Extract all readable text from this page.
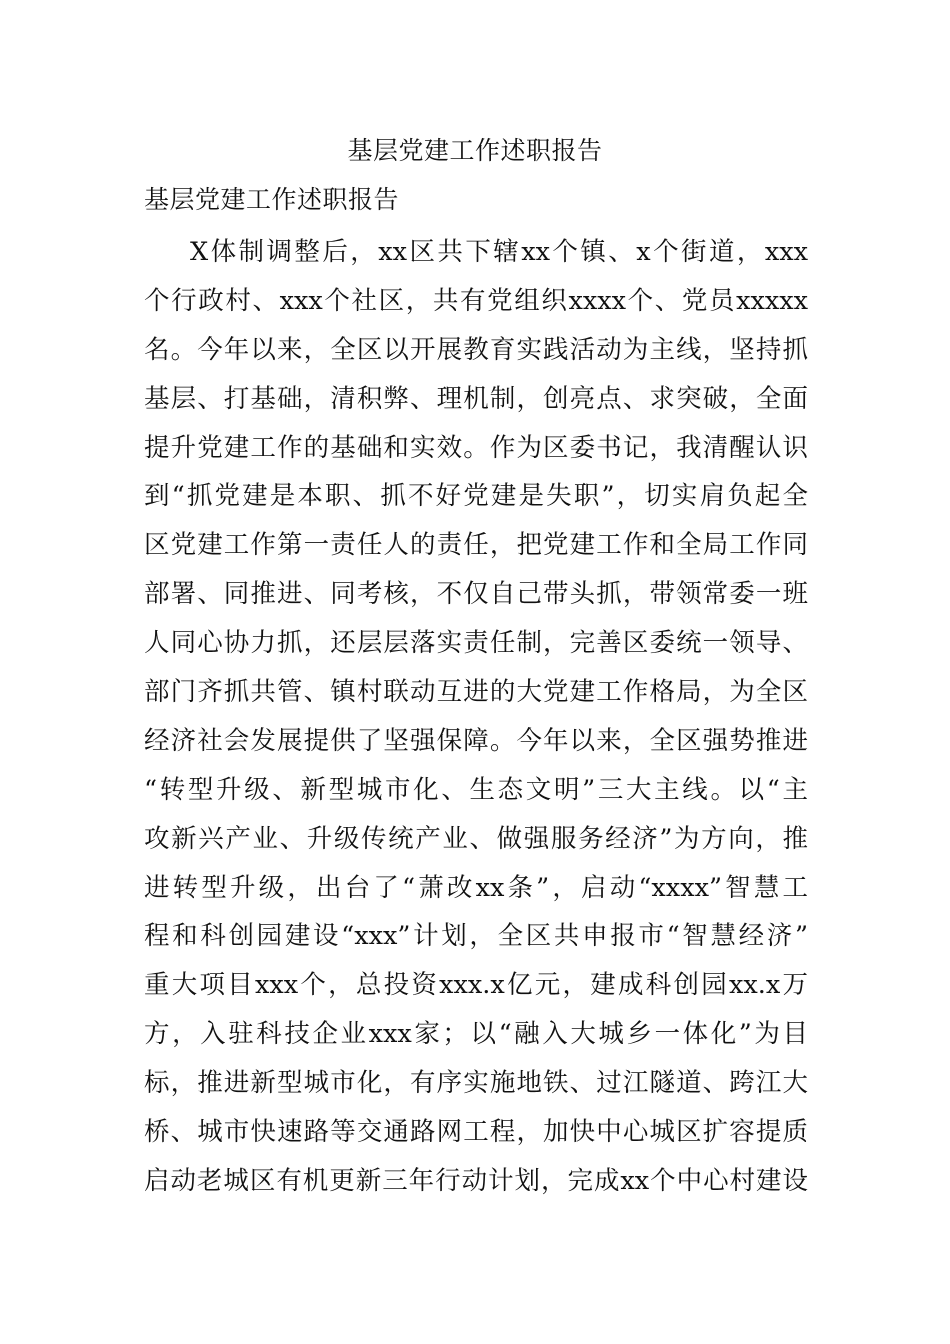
基层党建工作述职报告
基层党建工作述职报告
X体制调整后，xx区共下辖xx个镇、x个街道，xxx
个行政村、xxx个社区，共有党组织xxxx个、党员xxxxx
名。今年以来，全区以开展教育实践活动为主线，坚持抓
基层、打基础，清积弊、理机制，创亮点、求突破，全面
提升党建工作的基础和实效。作为区委书记，我清醒认识
到“抓党建是本职、抓不好党建是失职”，切实肩负起全
区党建工作第一责任人的责任，把党建工作和全局工作同
部署、同推进、同考核，不仅自己带头抓，带领常委一班
人同心协力抓，还层层落实责任制，完善区委统一领导、
部门齐抓共管、镇村联动互进的大党建工作格局，为全区
经济社会发展提供了坚强保障。今年以来，全区强势推进
“转型升级、新型城市化、生态文明”三大主线。以“主
攻新兴产业、升级传统产业、做强服务经济”为方向，推
进转型升级，出台了“萧改xx条”，启动“xxxx”智慧工
程和科创园建设“xxx”计划，全区共申报市“智慧经济”
重大项目xxx个，总投资xxx.x亿元，建成科创园xx.x万
方，入驻科技企业xxx家；以“融入大城乡一体化”为目
标，推进新型城市化，有序实施地铁、过江隧道、跨江大
桥、城市快速路等交通路网工程，加快中心城区扩容提质
启动老城区有机更新三年行动计划，完成xx个中心村建设
